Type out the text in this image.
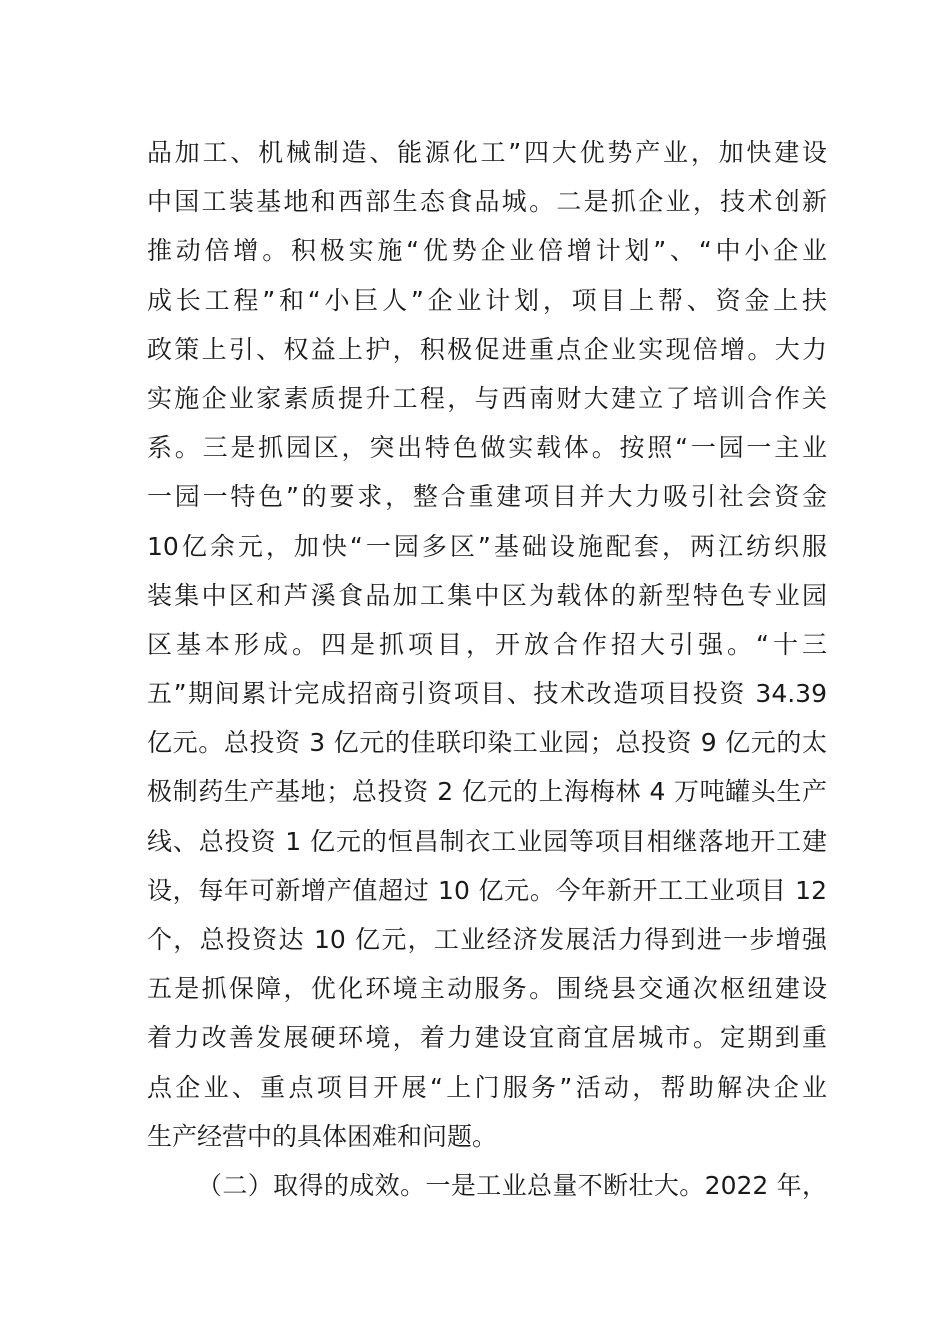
品加工、机械制造、能源化工”四大优势产业，加快建设
中国工装基地和西部生态食品城。二是抓企业，技术创新
推动倍增。积极实施“优势企业倍增计划”、“中小企业
成长工程”和“小巨人”企业计划，项目上帮、资金上扶
政策上引、权益上护，积极促进重点企业实现倍增。大力
实施企业家素质提升工程，与西南财大建立了培训合作关
系。三是抓园区，突出特色做实载体。按照“一园一主业
一园一特色”的要求，整合重建项目并大力吸引社会资金
10亿余元，加快“一园多区”基础设施配套，两江纺织服
装集中区和芦溪食品加工集中区为载体的新型特色专业园
区基本形成。四是抓项目，开放合作招大引强。“十三
五”期间累计完成招商引资项目、技术改造项目投资 34.39
亿元。总投资 3 亿元的佳联印染工业园；总投资 9 亿元的太
极制药生产基地；总投资 2 亿元的上海梅林 4 万吨罐头生产
线、总投资 1 亿元的恒昌制衣工业园等项目相继落地开工建
设，每年可新增产值超过 10 亿元。今年新开工工业项目 12
个，总投资达 10 亿元，工业经济发展活力得到进一步增强
五是抓保障，优化环境主动服务。围绕县交通次枢纽建设
着力改善发展硬环境，着力建设宜商宜居城市。定期到重
点企业、重点项目开展“上门服务”活动，帮助解决企业
生产经营中的具体困难和问题。
（二）取得的成效。一是工业总量不断壮大。2022 年，
